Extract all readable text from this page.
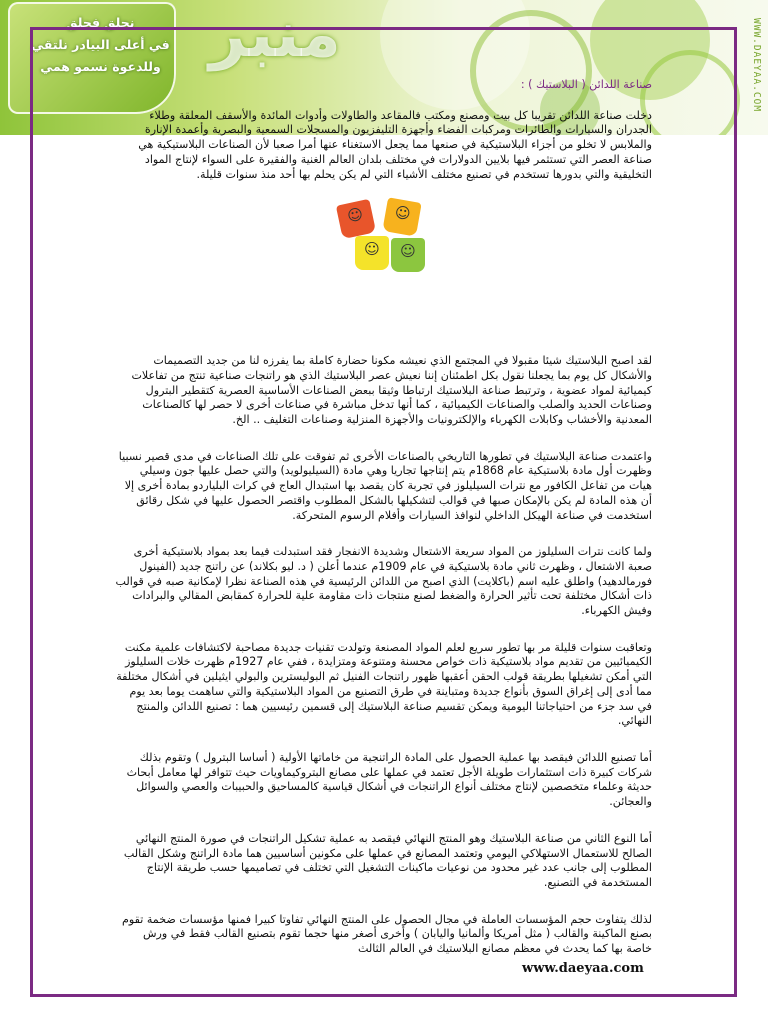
نحلق فحلق
في أعلى البيادر نلتقي
وللدعوة نسمو همي منبر	WWW.DAEYAA.COM
صناعة اللدائن ( البلاستيك ) :

دخلت صناعة اللدائن تقريبا كل بيت ومصنع ومكتب فالمقاعد والطاولات وأدوات المائدة والأسقف المعلقة وطلاء الجدران والسيارات والطائرات ومركبات الفضاء وأجهزة التليفزيون والمسجلات السمعية والبصرية وأعمدة الإنارة والملابس لا تخلو من أجزاء البلاستيكية في صنعها مما يجعل الاستغناء عنها أمرا صعبا لأن الصناعات البلاستيكية هي صناعة العصر التي تستثمر فيها بلايين الدولارات في مختلف بلدان العالم الغنية والفقيرة على السواء لإنتاج المواد التخليقية والتي بدورها تستخدم في تصنيع مختلف الأشياء التي لم يكن يحلم بها أحد منذ سنوات قليلة.

☺	☺
☺	☺

لقد اصبح البلاستيك شيئا مقبولا في المجتمع الذي نعيشه مكونا حضارة كاملة بما يفرزه لنا من جديد التصميمات والأشكال كل يوم بما يجعلنا نقول بكل اطمئنان إننا نعيش عصر البلاستيك الذي هو راتنجات صناعية تنتج من تفاعلات كيميائية لمواد عضوية ، وترتبط صناعة البلاستيك ارتباطا وثيقا ببعض الصناعات الأساسية العصرية كتقطير البترول وصناعات الحديد والصلب والصناعات الكيميائية ، كما أنها تدخل مباشرة في صناعات أخرى لا حصر لها كالصناعات المعدنية والأخشاب وكابلات الكهرباء والإلكترونيات والأجهزة المنزلية وصناعات التغليف .. الخ.

واعتمدت صناعة البلاستيك في تطورها التاريخي بالصناعات الأخرى ثم تفوقت على تلك الصناعات في مدى قصير نسبيا وظهرت أول مادة بلاستيكية عام 1868م يتم إنتاجها تجاريا وهي مادة (السيليولويد) والتي حصل عليها جون وسيلي هيات من تفاعل الكافور مع نترات السيليلوز في تجربة كان يقصد بها استبدال العاج في كرات البلياردو بمادة أخرى إلا أن هذه المادة لم يكن بالإمكان صبها في قوالب لتشكيلها بالشكل المطلوب واقتصر الحصول عليها في شكل رقائق استخدمت في صناعة الهيكل الداخلي لنوافذ السيارات وأفلام الرسوم المتحركة.

ولما كانت نترات السليلوز من المواد سريعة الاشتعال وشديدة الانفجار فقد استبدلت فيما بعد بمواد بلاستيكية أخرى صعبة الاشتعال ، وظهرت ثاني مادة بلاستيكية في عام 1909م عندما أعلن ( د. ليو بكلاند) عن راتنج جديد (الفينول فورمالدهيد) واطلق عليه اسم (باكلايت) الذي اصبح من اللدائن الرئيسية في هذه الصناعة نظرا لإمكانية صبه في قوالب ذات أشكال مختلفة تحت تأثير الحرارة والضغط لصنع منتجات ذات مقاومة علية للحرارة كمقابض المقالي والبرادات وفيش الكهرباء.

وتعاقبت سنوات قليلة مر بها تطور سريع لعلم المواد المصنعة وتولدت تقنيات جديدة مصاحبة لاكتشافات علمية مكنت الكيميائيين من تقديم مواد بلاستيكية ذات خواص محسنة ومتنوعة ومتزايدة ، ففي عام 1927م ظهرت خلات السليلوز التي أمكن تشغيلها بطريقة قولب الحقن أعقبها ظهور راتنجات الفنيل ثم البوليسترين والبولي ايثيلين في أشكال مختلفة مما أدى إلى إغراق السوق بأنواع جديدة ومتباينة في طرق التصنيع من المواد البلاستيكية والتي ساهمت يوما بعد يوم في سد جزء من احتياجاتنا اليومية ويمكن تقسيم صناعة البلاستيك إلى قسمين رئيسيين هما : تصنيع اللدائن والمنتج النهائي.

أما تصنيع اللدائن فيقصد بها عملية الحصول على المادة الراتنجية من خاماتها الأولية ( أساسا البترول ) وتقوم بذلك شركات كبيرة ذات استثمارات طويلة الأجل تعتمد في عملها على مصانع البتروكيماويات حيث تتوافر لها معامل أبحاث حديثة وعلماء متخصصين لإنتاج مختلف أنواع الراتنجات في أشكال قياسية كالمساحيق والحبيبات والعصي والسوائل والعجائن.

أما النوع الثاني من صناعة البلاستيك وهو المنتج النهائي فيقصد به عملية تشكيل الراتنجات في صورة المنتج النهائي الصالح للاستعمال الاستهلاكي اليومي وتعتمد المصانع في عملها على مكونين أساسيين هما مادة الراتنج وشكل القالب المطلوب إلى جانب عدد غير محدود من نوعيات ماكينات التشغيل التي تختلف في تصاميمها حسب طريقة الإنتاج المستخدمة في التصنيع.

لذلك يتفاوت حجم المؤسسات العاملة في مجال الحصول على المنتج النهائي تفاوتا كبيرا فمنها مؤسسات ضخمة تقوم بصنع الماكينة والقالب ( مثل أمريكا وألمانيا واليابان ) وأخرى أصغر منها حجما تقوم بتصنيع القالب فقط في ورش خاصة بها كما يحدث في معظم مصانع البلاستيك في العالم الثالث

www.daeyaa.com
